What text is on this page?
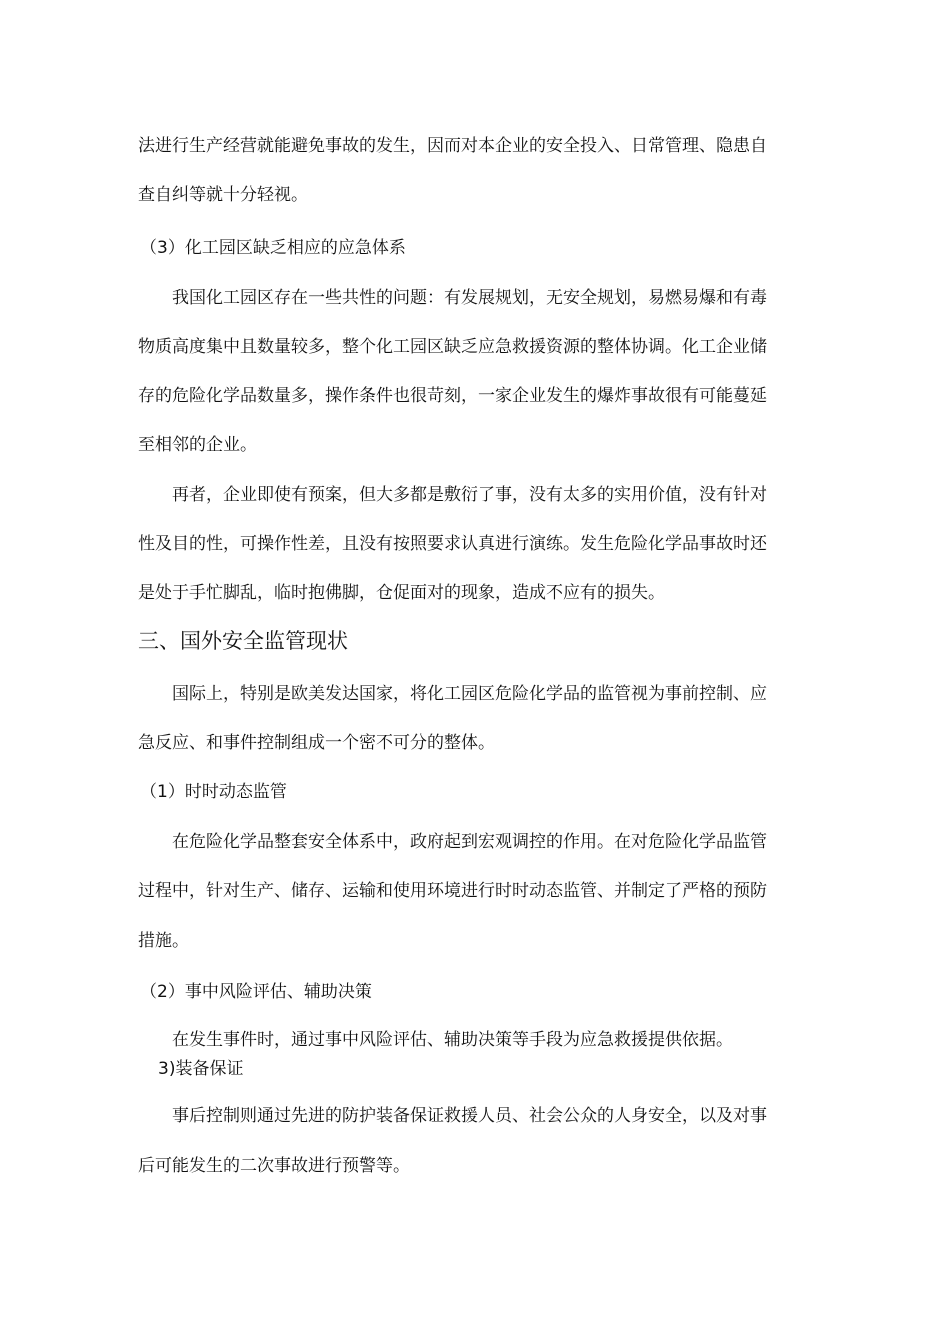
法进行生产经营就能避免事故的发生，因而对本企业的安全投入、日常管理、隐患自
查自纠等就十分轻视。
（3）化工园区缺乏相应的应急体系
我国化工园区存在一些共性的问题：有发展规划，无安全规划，易燃易爆和有毒
物质高度集中且数量较多，整个化工园区缺乏应急救援资源的整体协调。化工企业储
存的危险化学品数量多，操作条件也很苛刻，一家企业发生的爆炸事故很有可能蔓延
至相邻的企业。
再者，企业即使有预案，但大多都是敷衍了事，没有太多的实用价值，没有针对
性及目的性，可操作性差，且没有按照要求认真进行演练。发生危险化学品事故时还
是处于手忙脚乱，临时抱佛脚，仓促面对的现象，造成不应有的损失。
三、国外安全监管现状
国际上，特别是欧美发达国家，将化工园区危险化学品的监管视为事前控制、应
急反应、和事件控制组成一个密不可分的整体。
（1）时时动态监管
在危险化学品整套安全体系中，政府起到宏观调控的作用。在对危险化学品监管
过程中，针对生产、储存、运输和使用环境进行时时动态监管、并制定了严格的预防
措施。
（2）事中风险评估、辅助决策
在发生事件时，通过事中风险评估、辅助决策等手段为应急救援提供依据。
3)装备保证
事后控制则通过先进的防护装备保证救援人员、社会公众的人身安全，以及对事
后可能发生的二次事故进行预警等。
